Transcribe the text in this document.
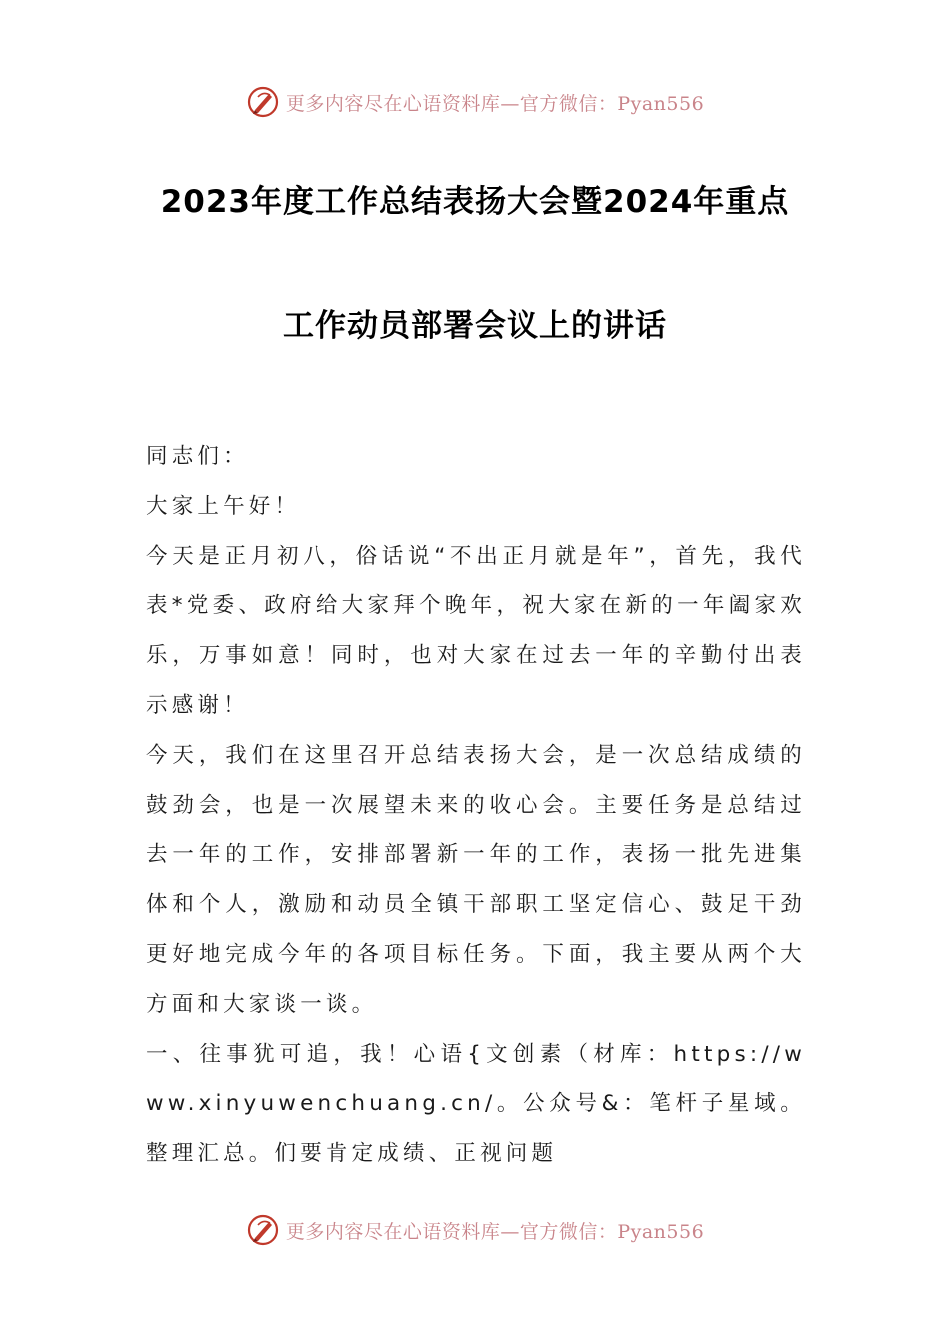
更多内容尽在心语资料库—官方微信：Pyan556
2023年度工作总结表扬大会暨2024年重点
工作动员部署会议上的讲话

同志们：

大家上午好！

今天是正月初八，俗话说“不出正月就是年”，首先，我代表*党委、政府给大家拜个晚年，祝大家在新的一年阖家欢乐，万事如意！同时，也对大家在过去一年的辛勤付出表示感谢！

今天，我们在这里召开总结表扬大会，是一次总结成绩的鼓劲会，也是一次展望未来的收心会。主要任务是总结过去一年的工作，安排部署新一年的工作，表扬一批先进集体和个人，激励和动员全镇干部职工坚定信心、鼓足干劲更好地完成今年的各项目标任务。下面，我主要从两个大方面和大家谈一谈。

一、往事犹可追，我！心语{文创素（材库：https://www.xinyuwenchuang.cn/。公众号&：笔杆子星域。整理汇总。们要肯定成绩、正视问题

更多内容尽在心语资料库—官方微信：Pyan556
